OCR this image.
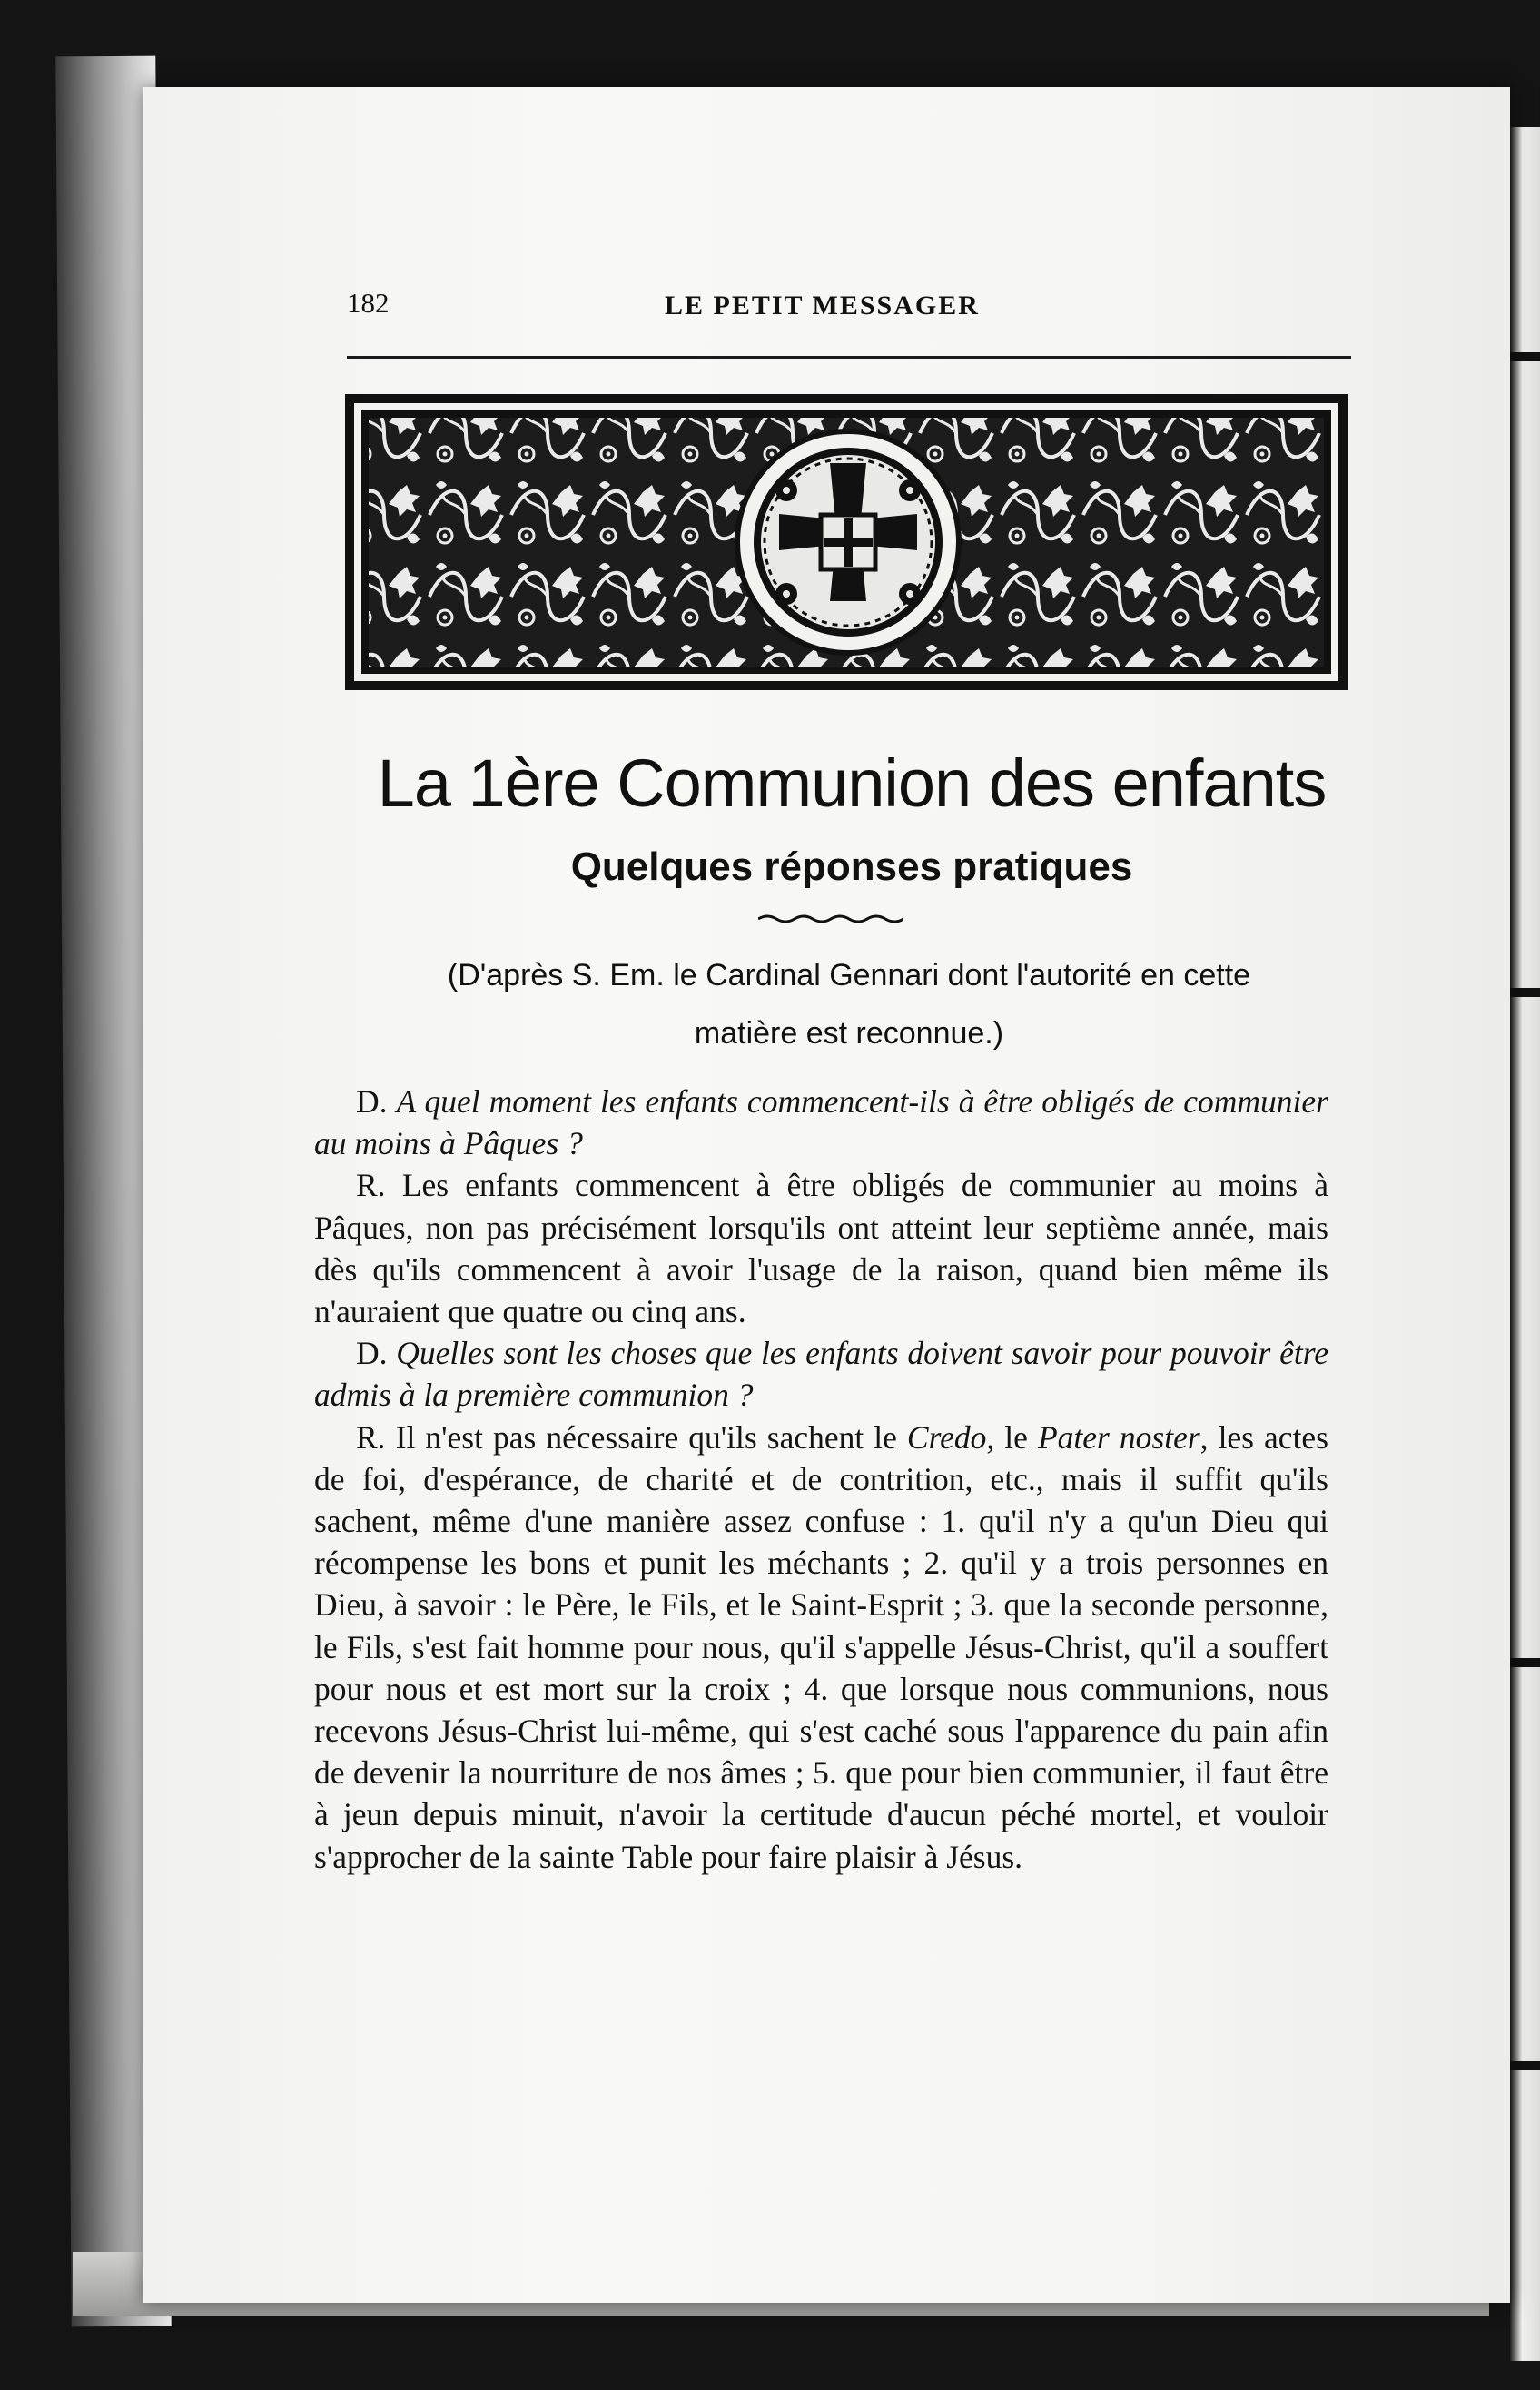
182	LE PETIT MESSAGER
La 1ère Communion des enfants
Quelques réponses pratiques
(D'après S. Em. le Cardinal Gennari dont l'autorité en cette
matière est reconnue.)

D. A quel moment les enfants commencent-ils à être obligés de communier au moins à Pâques ?

R. Les enfants commencent à être obligés de communier au moins à Pâques, non pas précisément lorsqu'ils ont atteint leur septième année, mais dès qu'ils commencent à avoir l'usage de la raison, quand bien même ils n'auraient que quatre ou cinq ans.

D. Quelles sont les choses que les enfants doivent savoir pour pouvoir être admis à la première communion ?

R. Il n'est pas nécessaire qu'ils sachent le Credo, le Pater noster, les actes de foi, d'espérance, de charité et de contrition, etc., mais il suffit qu'ils sachent, même d'une manière assez confuse : 1. qu'il n'y a qu'un Dieu qui récompense les bons et punit les méchants ; 2. qu'il y a trois personnes en Dieu, à savoir : le Père, le Fils, et le Saint-Esprit ; 3. que la seconde personne, le Fils, s'est fait homme pour nous, qu'il s'appelle Jésus-Christ, qu'il a souffert pour nous et est mort sur la croix ; 4. que lorsque nous communions, nous recevons Jésus-Christ lui-même, qui s'est caché sous l'apparence du pain afin de devenir la nourriture de nos âmes ; 5. que pour bien communier, il faut être à jeun depuis minuit, n'avoir la certitude d'aucun péché mortel, et vouloir s'approcher de la sainte Table pour faire plaisir à Jésus.
